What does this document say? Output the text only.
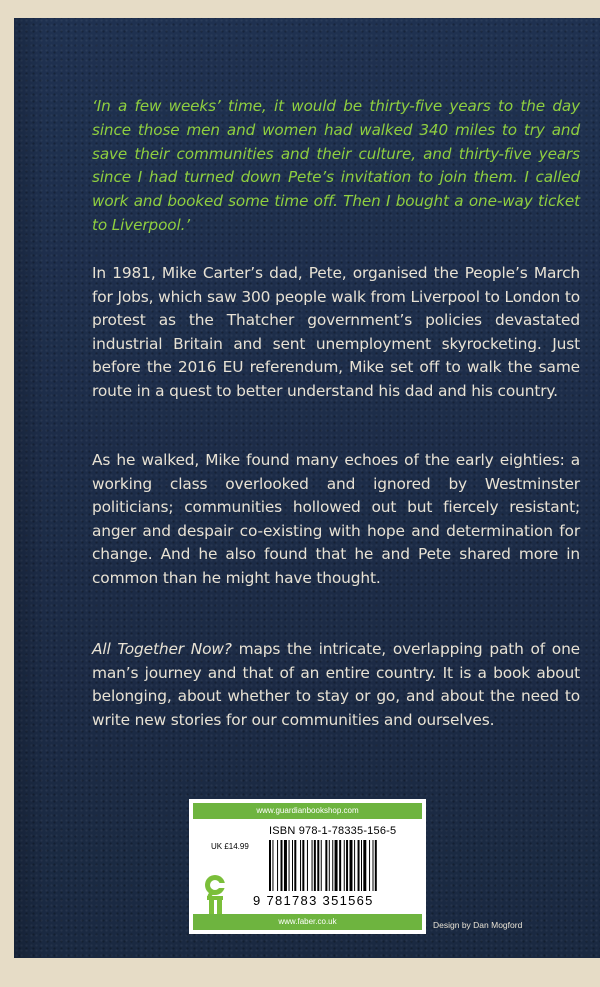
‘In a few weeks’ time, it would be thirty-five years to the day since those men and women had walked 340 miles to try and save their communities and their culture, and thirty-five years since I had turned down Pete’s invitation to join them. I called work and booked some time off. Then I bought a one-way ticket to Liverpool.’

In 1981, Mike Carter’s dad, Pete, organised the People’s March for Jobs, which saw 300 people walk from Liverpool to London to protest as the Thatcher government’s policies devastated industrial Britain and sent unemployment skyrocketing. Just before the 2016 EU referendum, Mike set off to walk the same route in a quest to better understand his dad and his country.

As he walked, Mike found many echoes of the early eighties: a working class overlooked and ignored by Westminster politicians; communities hollowed out but fiercely resistant; anger and despair co-existing with hope and determination for change. And he also found that he and Pete shared more in common than he might have thought.

All Together Now? maps the intricate, overlapping path of one man’s journey and that of an entire country. It is a book about belonging, about whether to stay or go, and about the need to write new stories for our communities and ourselves.

www.guardianbookshop.com
UK £14.99
ISBN 978-1-78335-156-5
9 781783 351565
www.faber.co.uk	Design by Dan Mogford
